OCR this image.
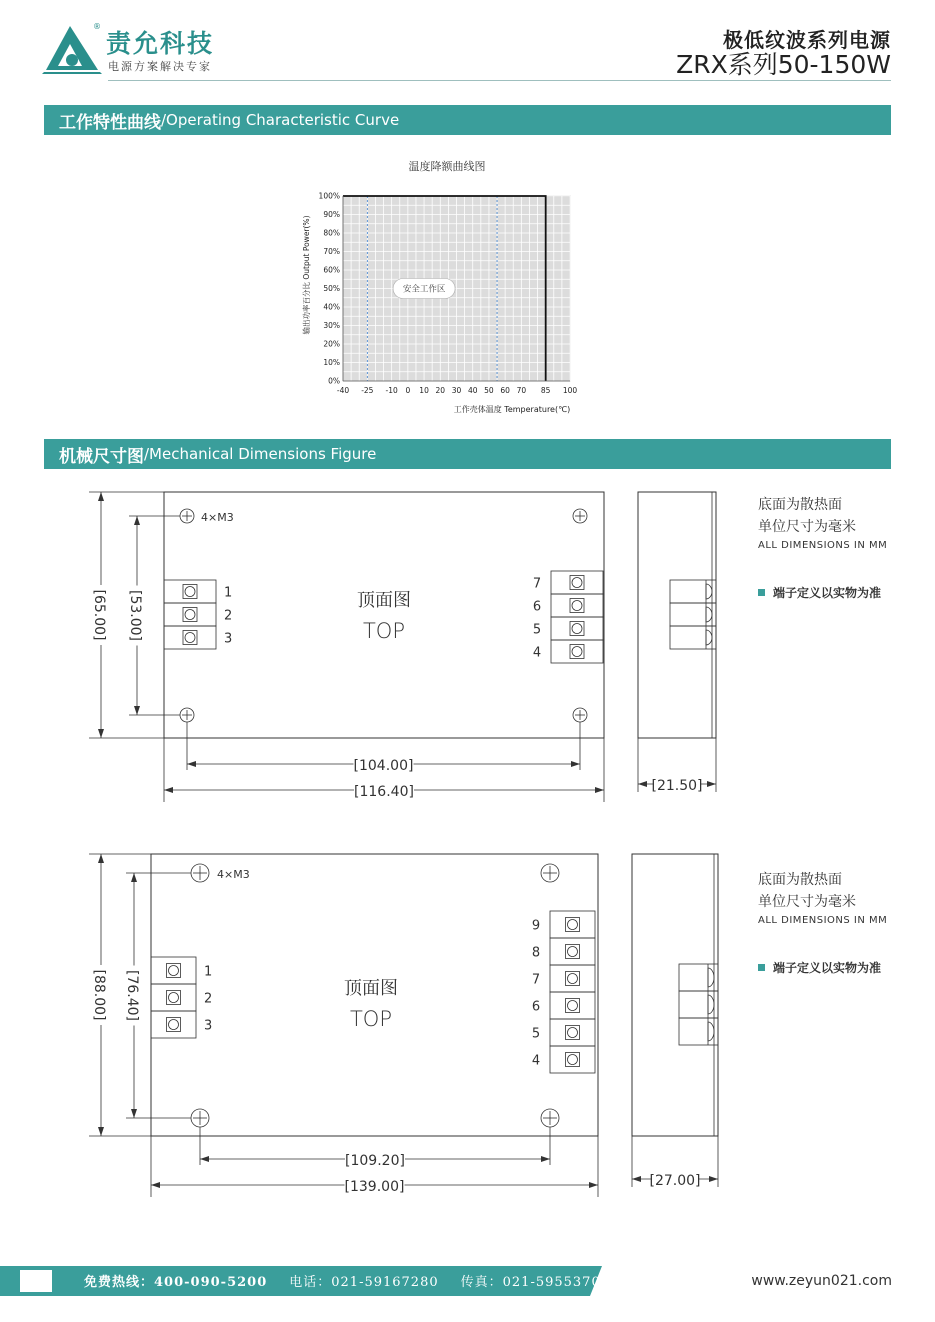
®
责允科技
电源方案解决专家
极低纹波系列电源
ZRX系列50-150W
工作特性曲线 /Operating Characteristic Curve
温度降额曲线图
0%
10%
20%
30%
40%
50%
60%
70%
80%
90%
100%
-40 -25 -10 0 10 20 30 40 50 60 70 85 100
安全工作区
输出功率百分比 Output Power(%)
工作壳体温度 Temperature(℃)
机械尺寸图 /Mechanical Dimensions Figure
4×M3
1
2
3
7
6
5
4
顶面图
TOP
[65.00] [53.00]
[104.00]
[116.40]	[21.50]
4×M3
1
2
3
9
8
7
6
5
4
顶面图
TOP
[88.00] [76.40]
[109.20]
[139.00]	[27.00]
底面为散热面
单位尺寸为毫米
ALL DIMENSIONS IN MM
端子定义以实物为准
底面为散热面
单位尺寸为毫米
ALL DIMENSIONS IN MM
端子定义以实物为准
免费热线：400-090-5200 电话：021-59167280 传真：021-59553702	www.zeyun021.com
